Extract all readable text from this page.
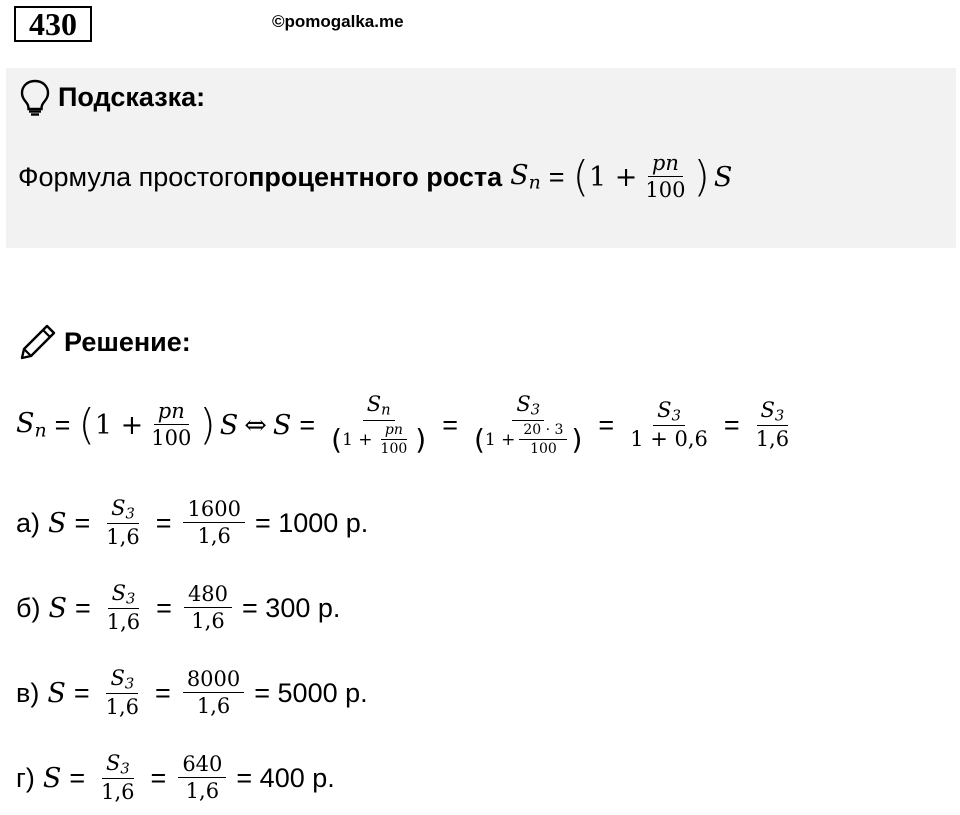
430	©pomogalka.me
Подсказка:
Формула простого процентного роста $S_n$ = ( $1 + \frac{pn}{100}$ ) S
Решение:
$S_n$ = ( $1 + \frac{pn}{100}$ ) S ⇔ $S = \frac{S_n}{( 1 + \frac{pn}{100} )} = \frac{S_3}{( 1 + \frac{20 \cdot 3}{100} )} = \frac{S_3}{1 + 0,6} = \frac{S_3}{1,6}$
а) $S = \frac{S_3}{1,6} = \frac{1600}{1,6} = 1000$ р.
б) $S = \frac{S_3}{1,6} = \frac{480}{1,6} = 300$ р.
в) $S = \frac{S_3}{1,6} = \frac{8000}{1,6} = 5000$ р.
г) $S = \frac{S_3}{1,6} = \frac{640}{1,6} = 400$ р.
